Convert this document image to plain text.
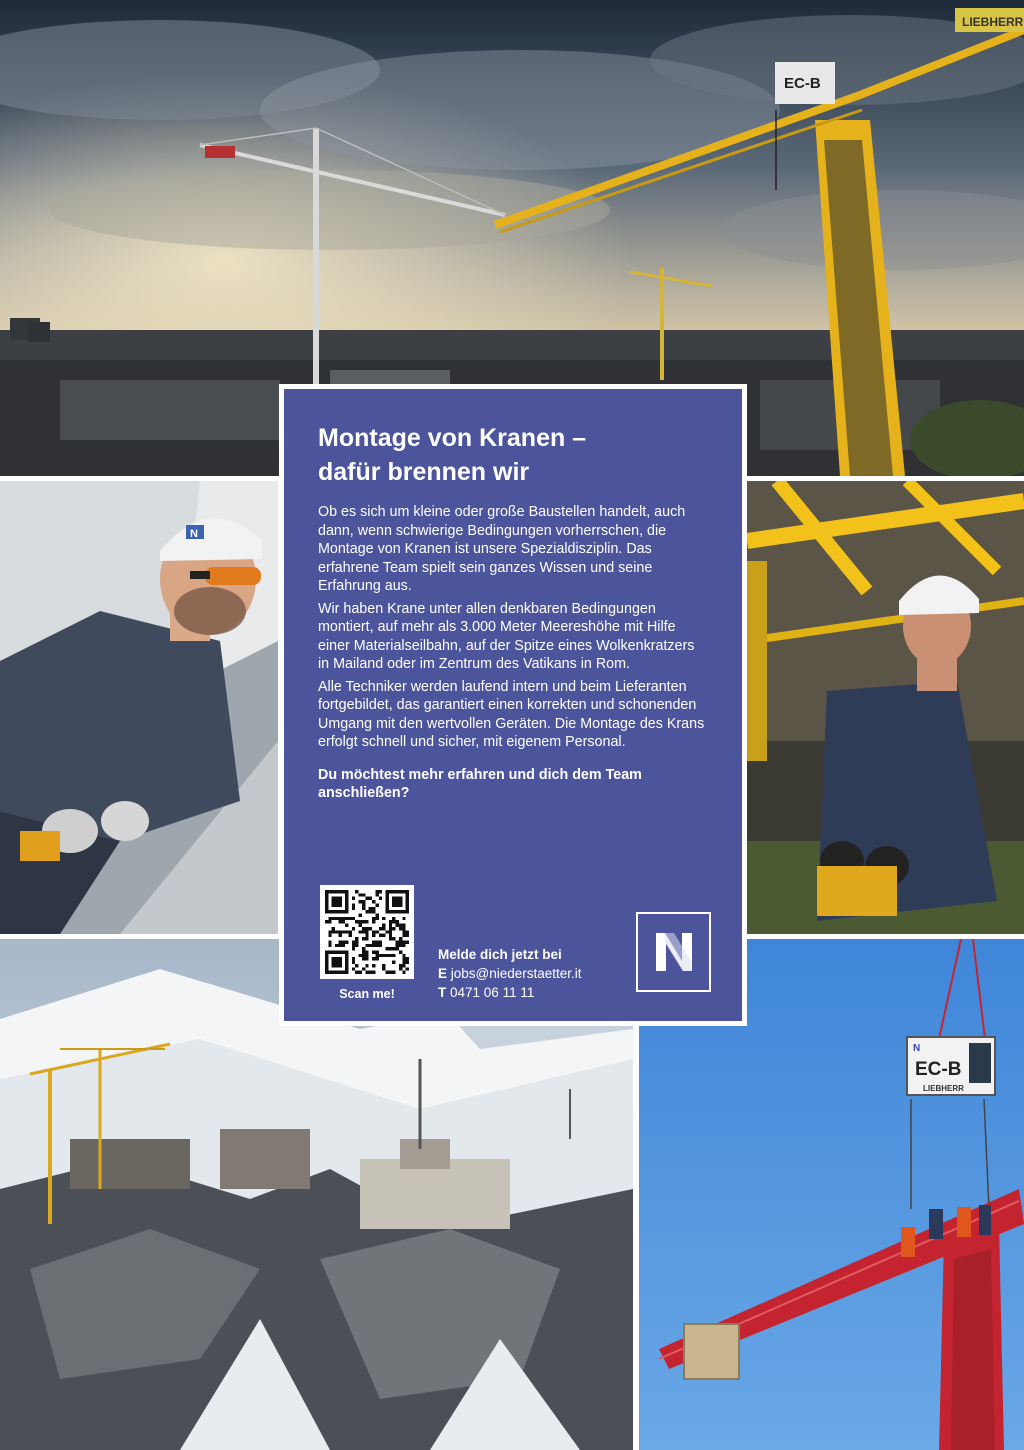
EC-B
LIEBHERR
N
N
EC-B
LIEBHERR
Montage von Kranen –
dafür brennen wir

Ob es sich um kleine oder große Baustellen handelt, auch dann, wenn schwierige Bedingungen vorherrschen, die Montage von Kranen ist unsere Spezialdisziplin. Das erfahrene Team spielt sein ganzes Wissen und seine Erfahrung aus.

Wir haben Krane unter allen denkbaren Bedingungen montiert, auf mehr als 3.000 Meter Meereshöhe mit Hilfe einer Materialseilbahn, auf der Spitze eines Wolkenkratzers in Mailand oder im Zentrum des Vatikans in Rom.

Alle Techniker werden laufend intern und beim Lieferanten fortgebildet, das garantiert einen korrekten und schonenden Umgang mit den wertvollen Geräten. Die Montage des Krans erfolgt schnell und sicher, mit eigenem Personal.

Du möchtest mehr erfahren und dich dem Team anschließen?

Scan me!
Melde dich jetzt bei
E jobs@niederstaetter.it
T 0471 06 11 11
